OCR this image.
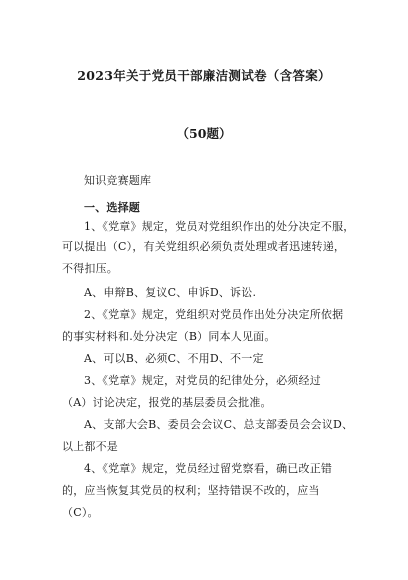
2023年关于党员干部廉洁测试卷（含答案）
（50题）
知识竞赛题库
一、选择题
1、《党章》规定，党员对党组织作出的处分决定不服，
可以提出（C），有关党组织必须负责处理或者迅速转递，
不得扣压。
A、申辩B、复议C、申诉D、诉讼.
2、《党章》规定，党组织对党员作出处分决定所依据
的事实材料和.处分决定（B）同本人见面。
A、可以B、必须C、不用D、不一定
3、《党章》规定，对党员的纪律处分，必须经过
（A）讨论决定，报党的基层委员会批准。
A、支部大会B、委员会会议C、总支部委员会会议D、
以上都不是
4、《党章》规定，党员经过留党察看，确已改正错
的，应当恢复其党员的权利；坚持错误不改的，应当
（C）。
